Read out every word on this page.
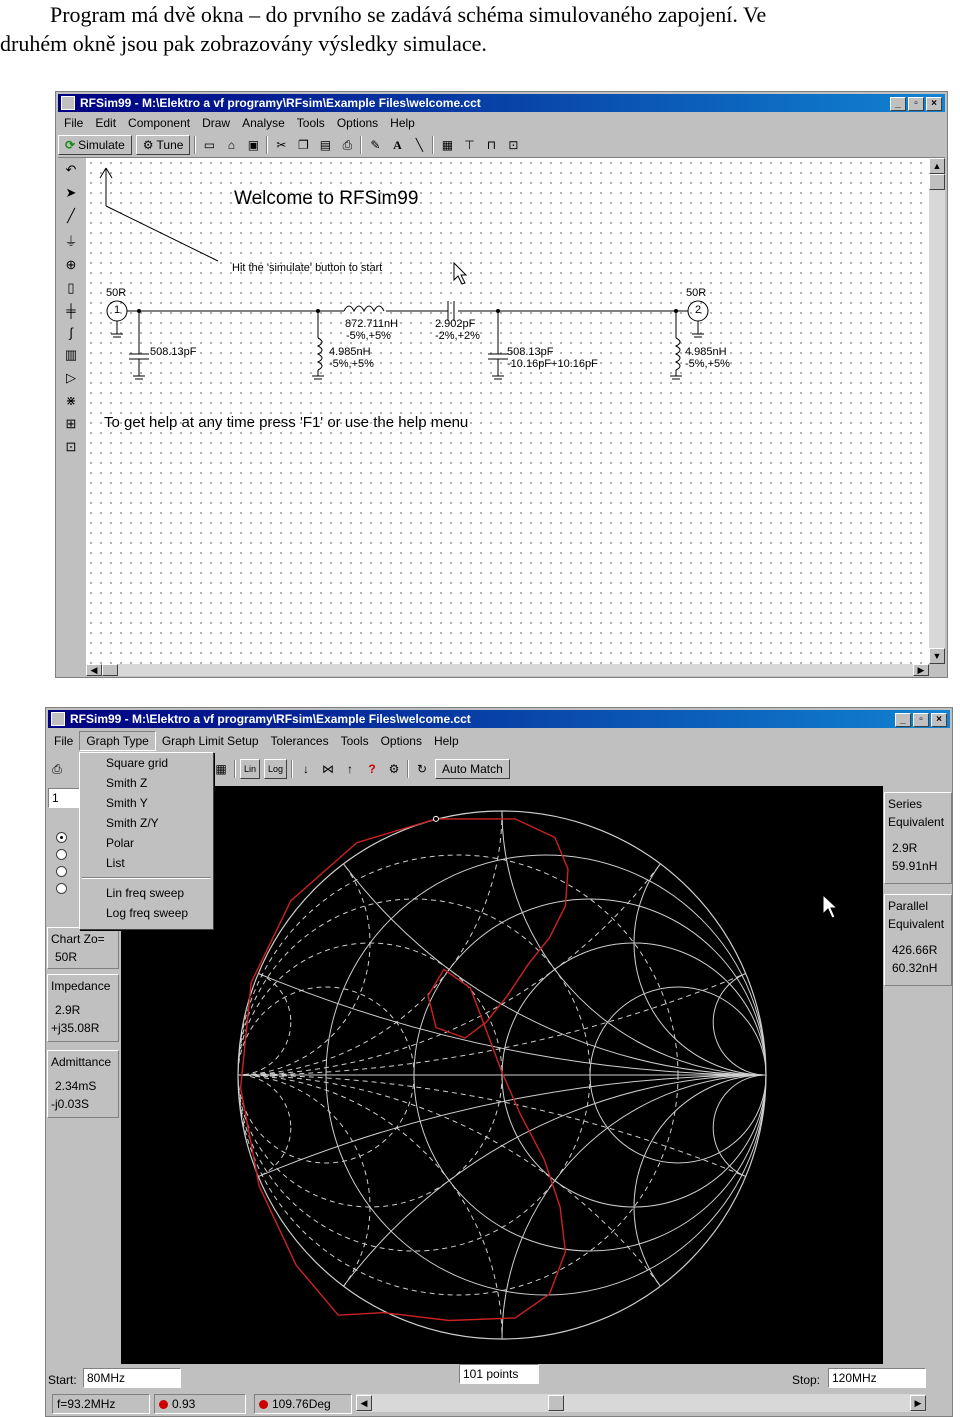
Program má dvě okna – do prvního se zadává schéma simulovaného zapojení. Ve

druhém okně jsou pak zobrazovány výsledky simulace.

RFSim99 - M:\Elektro a vf programy\RFsim\Example Files\welcome.cct	_	▫	×
File	Edit	Component	Draw	Analyse	Tools	Options	Help
⟳ Simulate ⚙ Tune ▭	⌂	▣	✂ ❐ ▤ ⎙	✎	A	╲	▦ ⊤	⊓	⊡
↶
➤
╱
⏚
⊕
▯
╪
∫
▥
▷
⋇
⊞
⊡
Welcome to RFSim99
Hit the 'simulate' button to start
50R
1
50R
2
508.13pF
872.711nH
-5%,+5%
2.902pF
-2%,+2%
4.985nH
-5%,+5%
508.13pF
-10.16pF+10.16pF
4.985nH
-5%,+5%
To get help at any time press 'F1' or use the help menu
▲
▼
◀	▶
RFSim99 - M:\Elektro a vf programy\RFsim\Example Files\welcome.cct	_	▫	×
File	Graph Type	Graph Limit Setup	Tolerances	Tools	Options	Help
⎙	▦	Lin Log	↓	⋈	↑	?	⚙	↻	Auto Match
1
Chart Zo=
50R
Impedance
2.9R
+j35.08R
Admittance
2.34mS
-j0.03S
Series
Equivalent
2.9R
59.91nH
Parallel
Equivalent
426.66R
60.32nH
Square grid
Smith Z
Smith Y
Smith Z/Y
Polar
List
Lin freq sweep
Log freq sweep
Start: 80MHz	101 points	Stop: 120MHz
f=93.2MHz	0.93	109.76Deg	◀	▶
